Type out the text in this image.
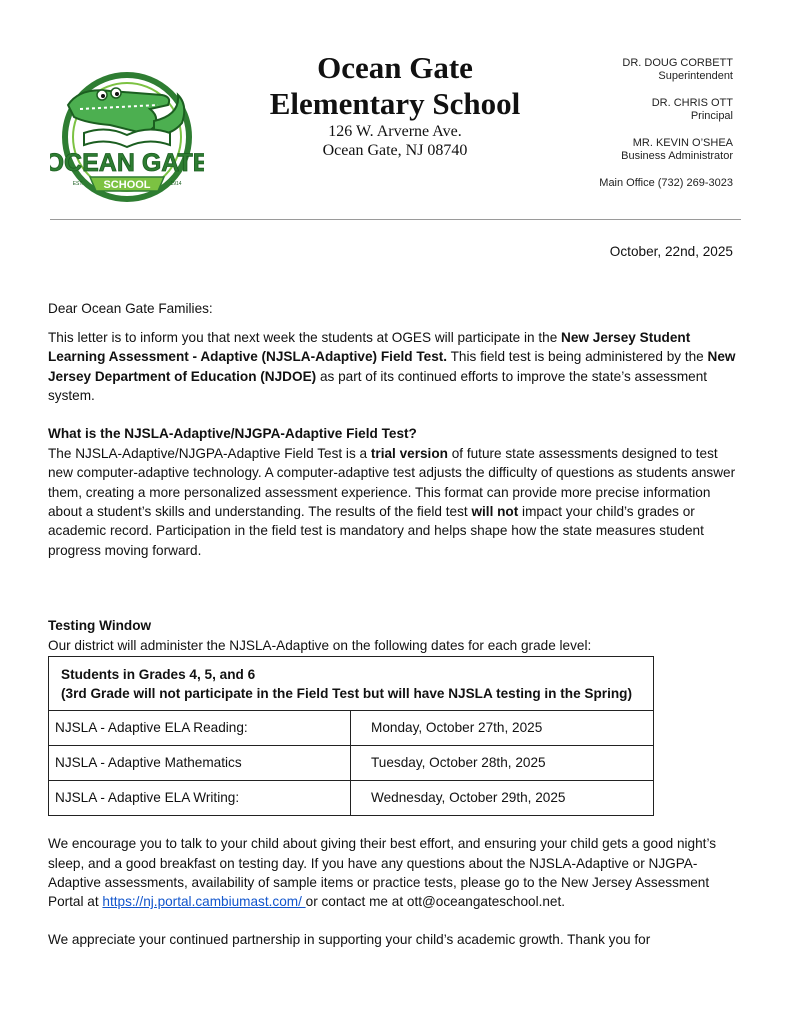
OCEAN GATE
SCHOOL
EST.	1914
Ocean Gate
Elementary School
126 W. Arverne Ave.
Ocean Gate, NJ 08740
DR. DOUG CORBETT
Superintendent
DR. CHRIS OTT
Principal
MR. KEVIN O’SHEA
Business Administrator
Main Office (732) 269-3023
October, 22nd, 2025

Dear Ocean Gate Families:

This letter is to inform you that next week the students at OGES will participate in the New Jersey Student Learning Assessment - Adaptive (NJSLA-Adaptive) Field Test. This field test is being administered by the New Jersey Department of Education (NJDOE) as part of its continued efforts to improve the state’s assessment system.

What is the NJSLA-Adaptive/NJGPA-Adaptive Field Test?

The NJSLA-Adaptive/NJGPA-Adaptive Field Test is a trial version of future state assessments designed to test new computer-adaptive technology. A computer-adaptive test adjusts the difficulty of questions as students answer them, creating a more personalized assessment experience. This format can provide more precise information about a student’s skills and understanding. The results of the field test will not impact your child’s grades or academic record. Participation in the field test is mandatory and helps shape how the state measures student progress moving forward.

Testing Window

Our district will administer the NJSLA-Adaptive on the following dates for each grade level:

Students in Grades 4, 5, and 6
(3rd Grade will not participate in the Field Test but will have NJSLA testing in the Spring)	

NJSLA - Adaptive ELA Reading:	Monday, October 27th, 2025
NJSLA - Adaptive Mathematics	Tuesday, October 28th, 2025
NJSLA - Adaptive ELA Writing:	Wednesday, October 29th, 2025

We encourage you to talk to your child about giving their best effort, and ensuring your child gets a good night’s sleep, and a good breakfast on testing day. If you have any questions about the NJSLA-Adaptive or NJGPA-Adaptive assessments, availability of sample items or practice tests, please go to the New Jersey Assessment Portal at https://nj.portal.cambiumast.com/ or contact me at ott@oceangateschool.net.

We appreciate your continued partnership in supporting your child’s academic growth. Thank you for
